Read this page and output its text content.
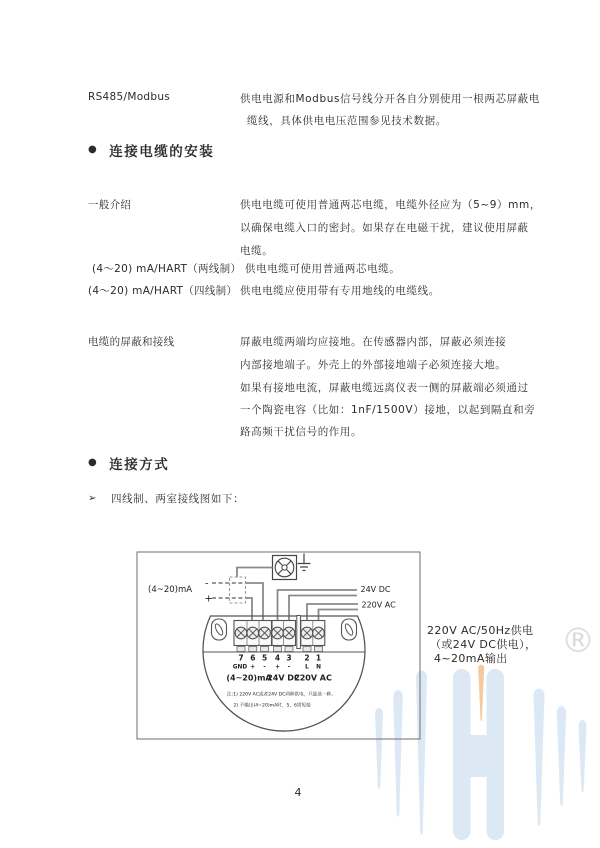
®
RS485/Modbus	供电电源和Modbus信号线分开各自分别使用一根两芯屏蔽电
缆线，具体供电电压范围参见技术数据。
● 连接电缆的安装
一般介绍	供电电缆可使用普通两芯电缆，电缆外径应为（5~9）mm，
以确保电缆入口的密封。如果存在电磁干扰，建议使用屏蔽
电缆。
(4～20) mA/HART（两线制） 供电电缆可使用普通两芯电缆。
(4～20) mA/HART（四线制） 供电电缆应使用带有专用地线的电缆线。
电缆的屏蔽和接线	屏蔽电缆两端均应接地。在传感器内部，屏蔽必须连接
内部接地端子。外壳上的外部接地端子必须连接大地。
如果有接地电流，屏蔽电缆远离仪表一侧的屏蔽端必须通过
一个陶瓷电容（比如：1nF/1500V）接地，以起到隔直和旁
路高频干扰信号的作用。
● 连接方式
➢ 四线制、两室接线图如下：
(4~20)mA
-
+
24V DC
220V AC
7 6 5 4 3 2 1
GND + - + -	L N
(4~20)mA
24V DC
220V AC
注:1) 220V AC或者24V DC两种供电，只能选一种。
2) 不输出(4~20)mA时，5、6需短接
220V AC/50Hz供电
（或24V DC供电），
4~20mA输出
4
